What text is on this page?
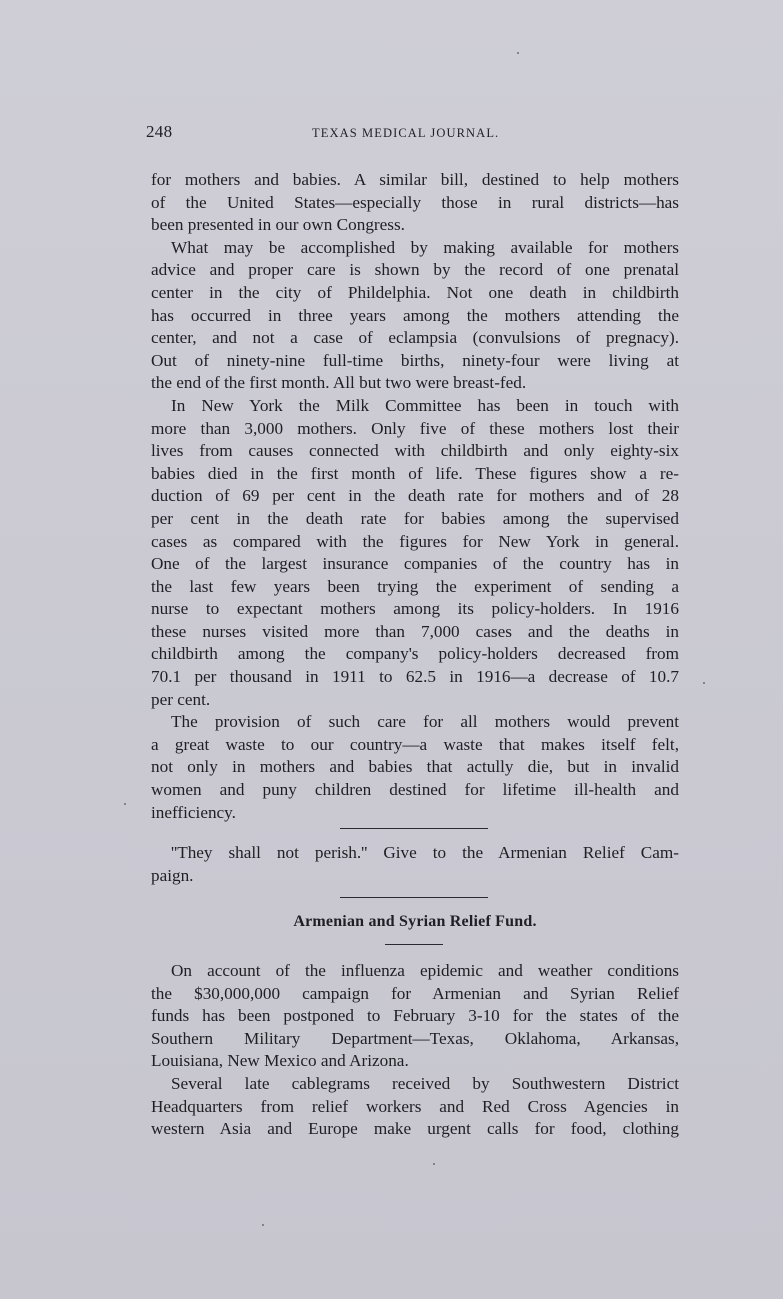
248	TEXAS MEDICAL JOURNAL.
for mothers and babies. A similar bill, destined to help mothers
of the United States—especially those in rural districts—has
been presented in our own Congress.
What may be accomplished by making available for mothers
advice and proper care is shown by the record of one prenatal
center in the city of Phildelphia. Not one death in childbirth
has occurred in three years among the mothers attending the
center, and not a case of eclampsia (convulsions of pregnacy).
Out of ninety-nine full-time births, ninety-four were living at
the end of the first month. All but two were breast-fed.
In New York the Milk Committee has been in touch with
more than 3,000 mothers. Only five of these mothers lost their
lives from causes connected with childbirth and only eighty-six
babies died in the first month of life. These figures show a re-
duction of 69 per cent in the death rate for mothers and of 28
per cent in the death rate for babies among the supervised
cases as compared with the figures for New York in general.
One of the largest insurance companies of the country has in
the last few years been trying the experiment of sending a
nurse to expectant mothers among its policy-holders. In 1916
these nurses visited more than 7,000 cases and the deaths in
childbirth among the company's policy-holders decreased from
70.1 per thousand in 1911 to 62.5 in 1916—a decrease of 10.7
per cent.
The provision of such care for all mothers would prevent
a great waste to our country—a waste that makes itself felt,
not only in mothers and babies that actully die, but in invalid
women and puny children destined for lifetime ill-health and
inefficiency.
''They shall not perish.'' Give to the Armenian Relief Cam-
paign.
Armenian and Syrian Relief Fund.
On account of the influenza epidemic and weather conditions
the $30,000,000 campaign for Armenian and Syrian Relief
funds has been postponed to February 3-10 for the states of the
Southern Military Department—Texas, Oklahoma, Arkansas,
Louisiana, New Mexico and Arizona.
Several late cablegrams received by Southwestern District
Headquarters from relief workers and Red Cross Agencies in
western Asia and Europe make urgent calls for food, clothing
